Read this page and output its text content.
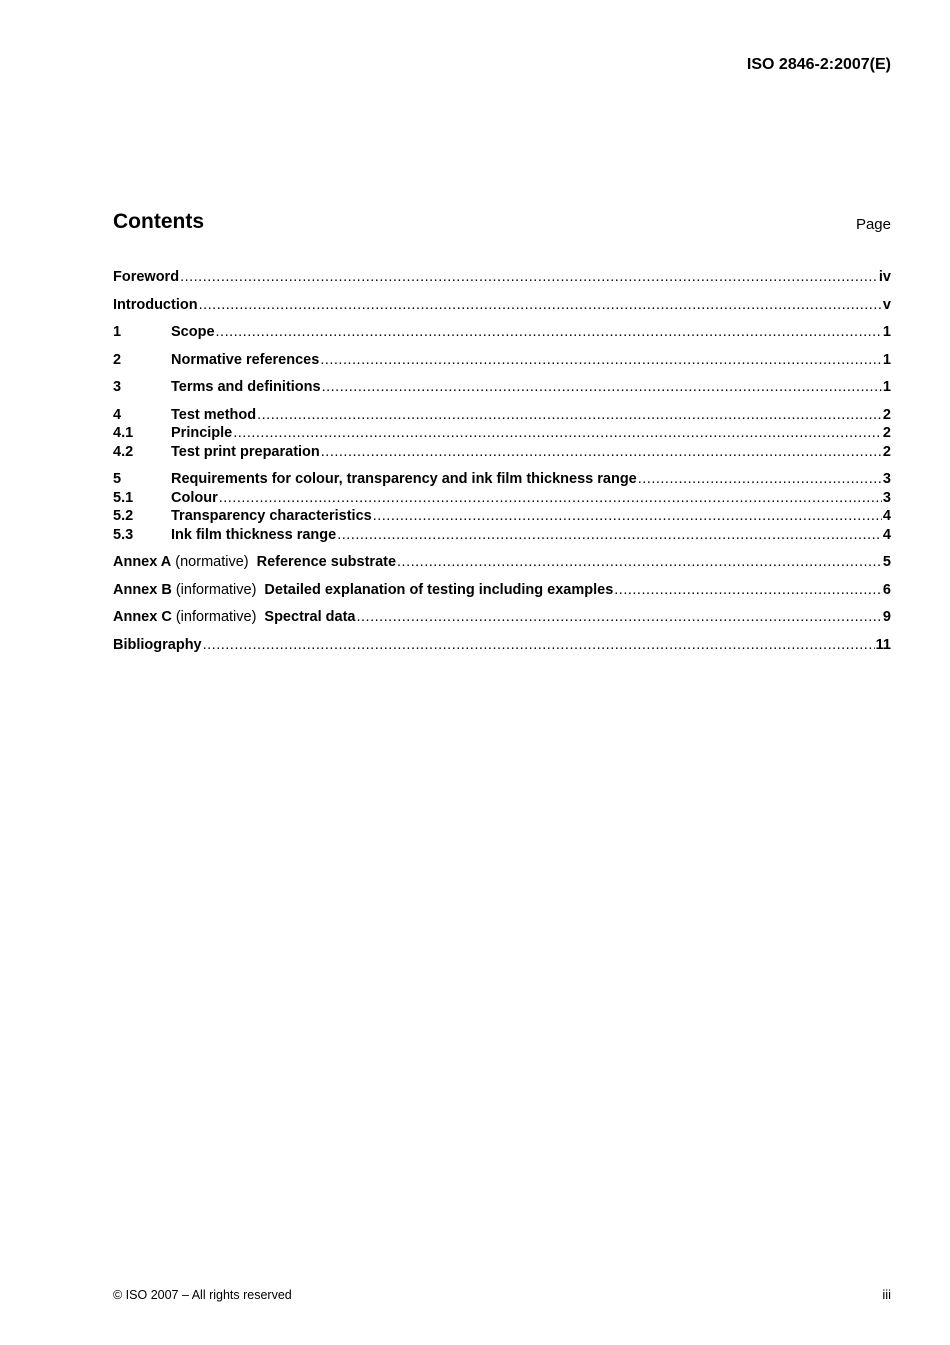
ISO 2846-2:2007(E)
Contents	Page
Foreword .....	iv
Introduction .....	v
1	Scope .....	1
2	Normative references .....	1
3	Terms and definitions .....	1
4	Test method .....	2
4.1	Principle .....	2
4.2	Test print preparation .....	2
5	Requirements for colour, transparency and ink film thickness range .....	3
5.1	Colour .....	3
5.2	Transparency characteristics .....	4
5.3	Ink film thickness range .....	4
Annex A (normative) Reference substrate .....	5
Annex B (informative) Detailed explanation of testing including examples .....	6
Annex C (informative) Spectral data .....	9
Bibliography .....	11
© ISO 2007 – All rights reserved	iii
